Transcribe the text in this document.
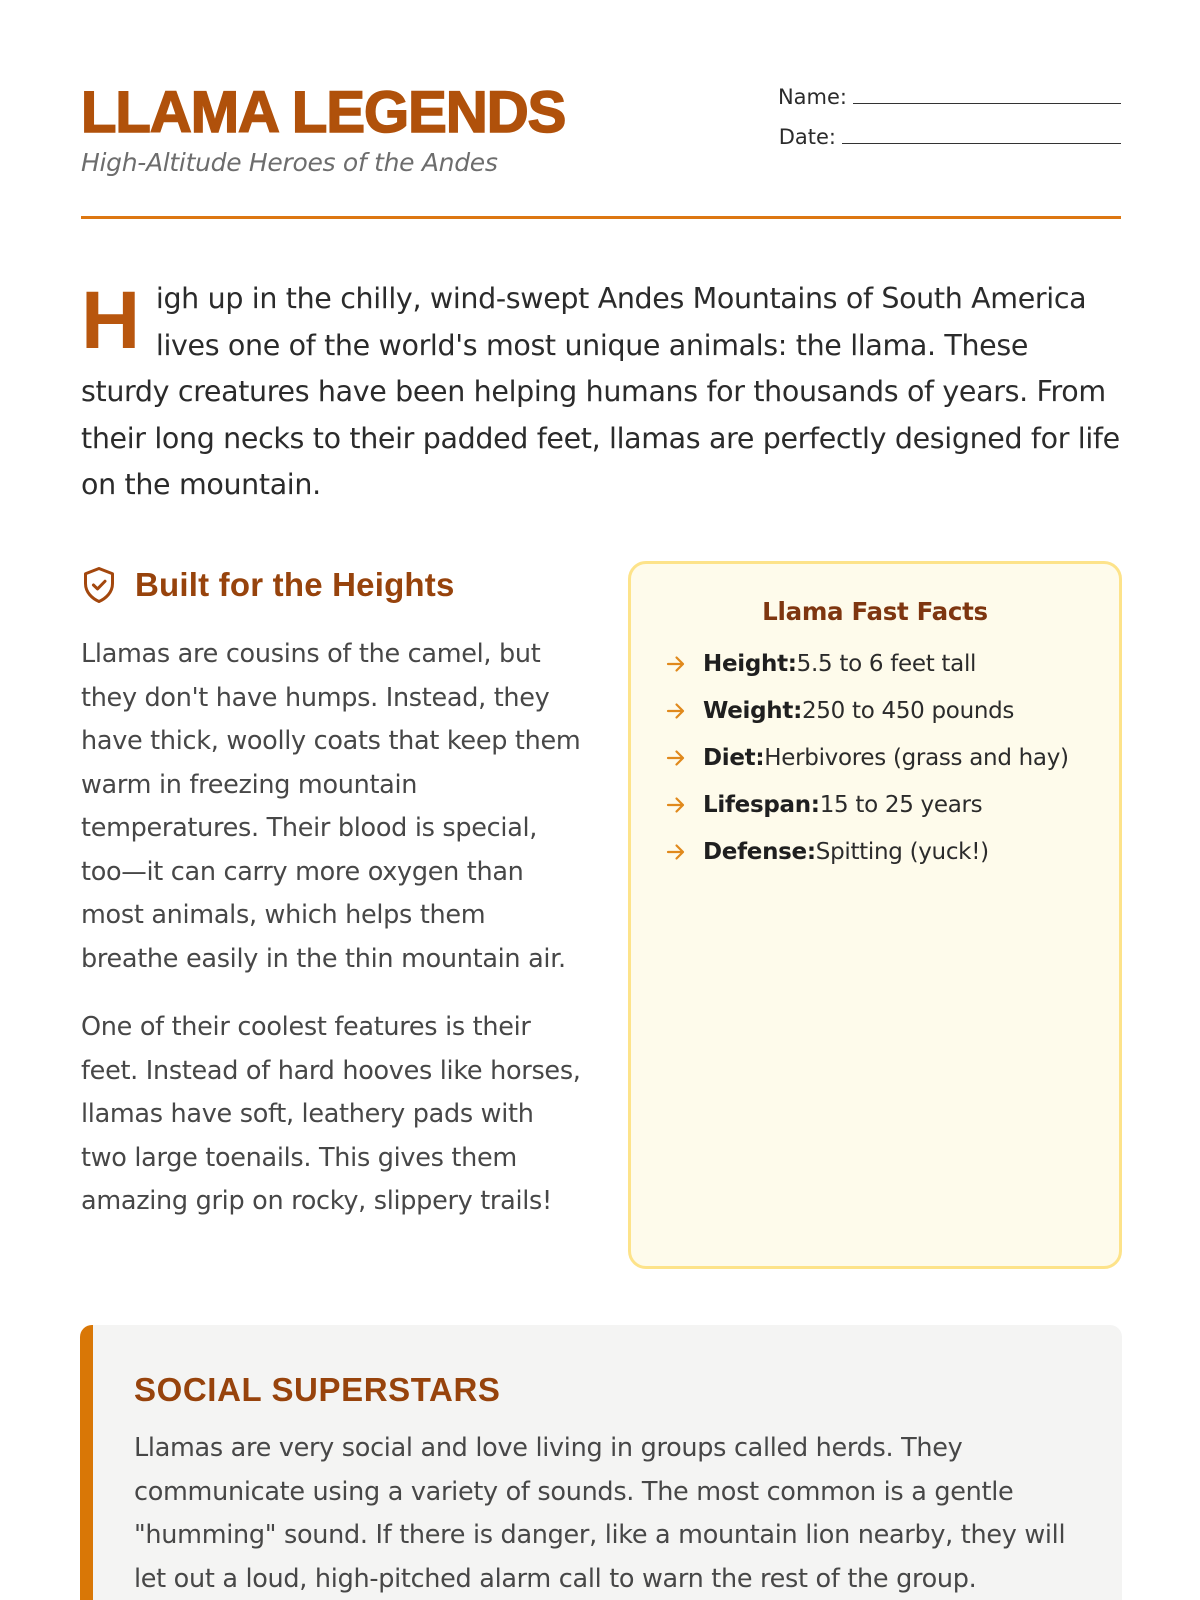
LLAMA LEGENDS
High-Altitude Heroes of the Andes
Name:
Date:
H igh up in the chilly, wind-swept Andes Mountains of South America lives one of the world's most unique animals: the llama. These sturdy creatures have been helping humans for thousands of years. From their long necks to their padded feet, llamas are perfectly designed for life on the mountain.
Built for the Heights

Llamas are cousins of the camel, but they don't have humps. Instead, they have thick, woolly coats that keep them warm in freezing mountain temperatures. Their blood is special, too—it can carry more oxygen than most animals, which helps them breathe easily in the thin mountain air.

One of their coolest features is their feet. Instead of hard hooves like horses, llamas have soft, leathery pads with two large toenails. This gives them amazing grip on rocky, slippery trails!

Llama Fast Facts
Height: 5.5 to 6 feet tall
Weight: 250 to 450 pounds
Diet: Herbivores (grass and hay)
Lifespan: 15 to 25 years
Defense: Spitting (yuck!)
SOCIAL SUPERSTARS

Llamas are very social and love living in groups called herds. They communicate using a variety of sounds. The most common is a gentle "humming" sound. If there is danger, like a mountain lion nearby, they will let out a loud, high-pitched alarm call to warn the rest of the group.
